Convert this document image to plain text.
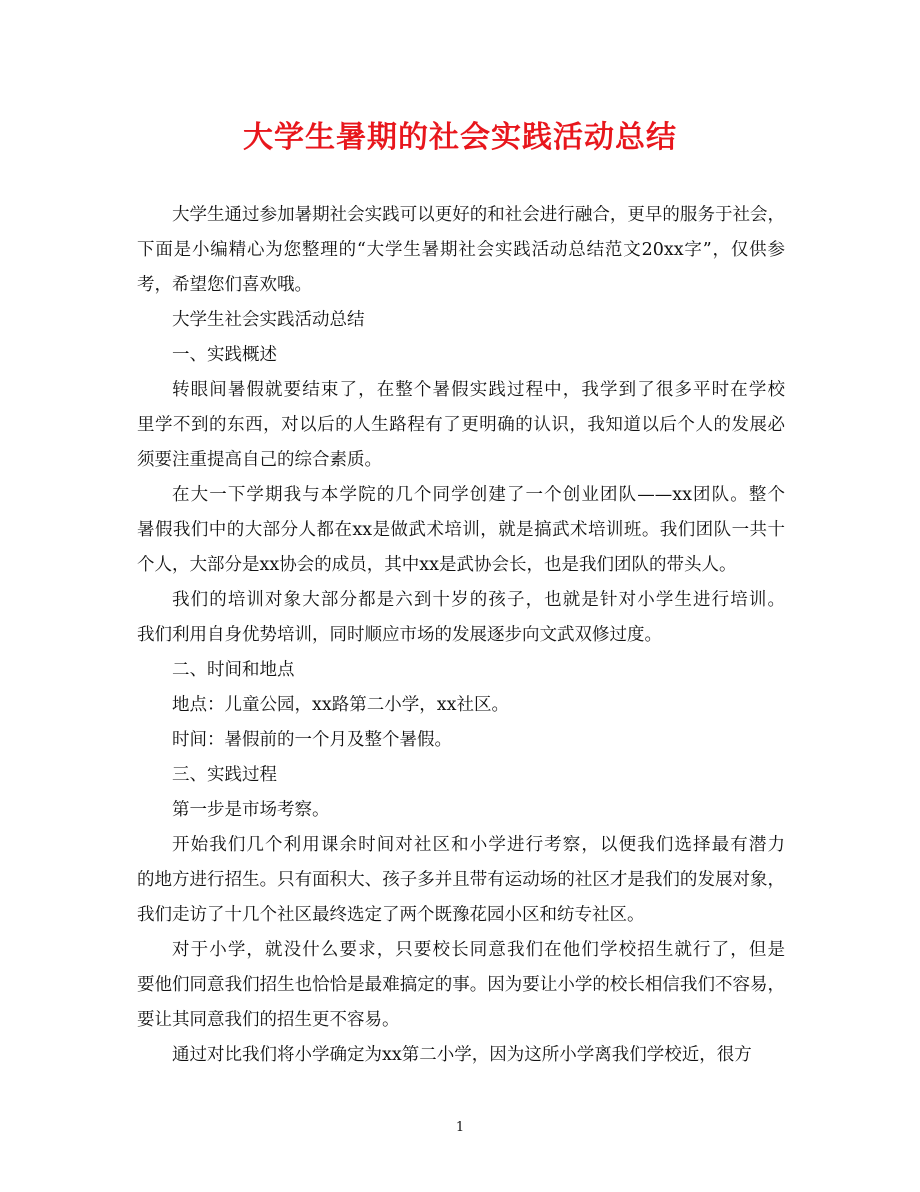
大学生暑期的社会实践活动总结
大学生通过参加暑期社会实践可以更好的和社会进行融合，更早的服务于社会，
下面是小编精心为您整理的“大学生暑期社会实践活动总结范文20xx字”，仅供参
考，希望您们喜欢哦。
大学生社会实践活动总结
一、实践概述
转眼间暑假就要结束了，在整个暑假实践过程中，我学到了很多平时在学校
里学不到的东西，对以后的人生路程有了更明确的认识，我知道以后个人的发展必
须要注重提高自己的综合素质。
在大一下学期我与本学院的几个同学创建了一个创业团队——xx团队。整个
暑假我们中的大部分人都在xx是做武术培训，就是搞武术培训班。我们团队一共十
个人，大部分是xx协会的成员，其中xx是武协会长，也是我们团队的带头人。
我们的培训对象大部分都是六到十岁的孩子，也就是针对小学生进行培训。
我们利用自身优势培训，同时顺应市场的发展逐步向文武双修过度。
二、时间和地点
地点：儿童公园，xx路第二小学，xx社区。
时间：暑假前的一个月及整个暑假。
三、实践过程
第一步是市场考察。
开始我们几个利用课余时间对社区和小学进行考察，以便我们选择最有潜力
的地方进行招生。只有面积大、孩子多并且带有运动场的社区才是我们的发展对象，
我们走访了十几个社区最终选定了两个既豫花园小区和纺专社区。
对于小学，就没什么要求，只要校长同意我们在他们学校招生就行了，但是
要他们同意我们招生也恰恰是最难搞定的事。因为要让小学的校长相信我们不容易，
要让其同意我们的招生更不容易。
通过对比我们将小学确定为xx第二小学，因为这所小学离我们学校近，很方
1
